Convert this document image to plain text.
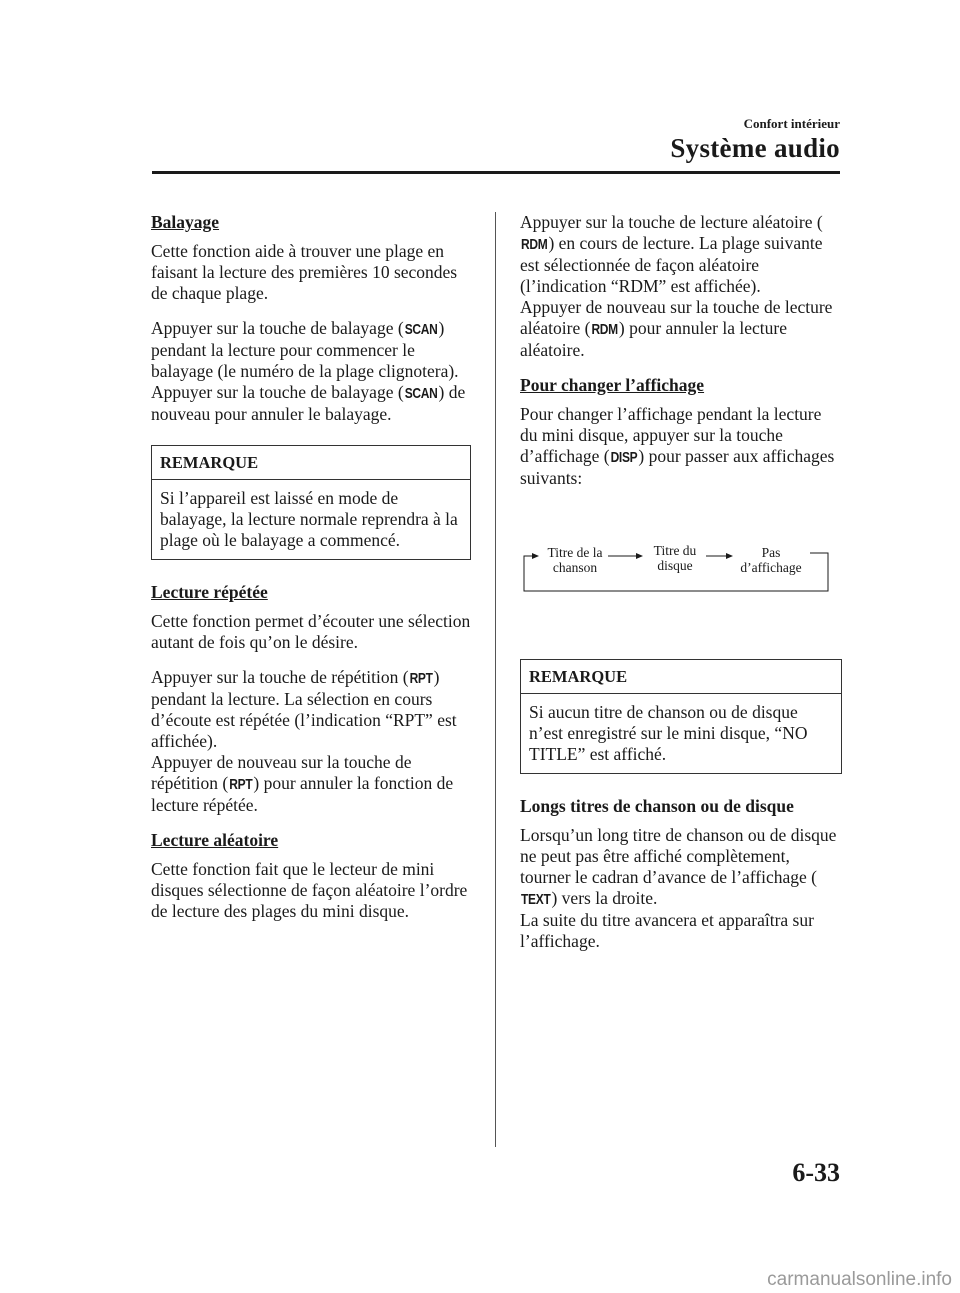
Confort intérieur
Système audio
Balayage

Cette fonction aide à trouver une plage en faisant la lecture des premières 10 secondes de chaque plage.

Appuyer sur la touche de balayage (SCAN) pendant la lecture pour commencer le balayage (le numéro de la plage clignotera).

Appuyer sur la touche de balayage (SCAN) de nouveau pour annuler le balayage.

REMARQUE
Si l’appareil est laissé en mode de balayage, la lecture normale reprendra à la plage où le balayage a commencé.
Lecture répétée

Cette fonction permet d’écouter une sélection autant de fois qu’on le désire.

Appuyer sur la touche de répétition (RPT) pendant la lecture. La sélection en cours d’écoute est répétée (l’indication “RPT” est affichée).

Appuyer de nouveau sur la touche de répétition (RPT) pour annuler la fonction de lecture répétée.

Lecture aléatoire

Cette fonction fait que le lecteur de mini disques sélectionne de façon aléatoire l’ordre de lecture des plages du mini disque.

Appuyer sur la touche de lecture aléatoire (RDM) en cours de lecture. La plage suivante est sélectionnée de façon aléatoire (l’indication “RDM” est affichée).

Appuyer de nouveau sur la touche de lecture aléatoire (RDM) pour annuler la lecture aléatoire.

Pour changer l’affichage

Pour changer l’affichage pendant la lecture du mini disque, appuyer sur la touche d’affichage (DISP) pour passer aux affichages suivants:

Titre de la
chanson
Titre du
disque
Pas
d’affichage
REMARQUE
Si aucun titre de chanson ou de disque n’est enregistré sur le mini disque, “NO TITLE” est affiché.
Longs titres de chanson ou de disque

Lorsqu’un long titre de chanson ou de disque ne peut pas être affiché complètement, tourner le cadran d’avance de l’affichage (TEXT) vers la droite.

La suite du titre avancera et apparaîtra sur l’affichage.

6-33
carmanualsonline.info
